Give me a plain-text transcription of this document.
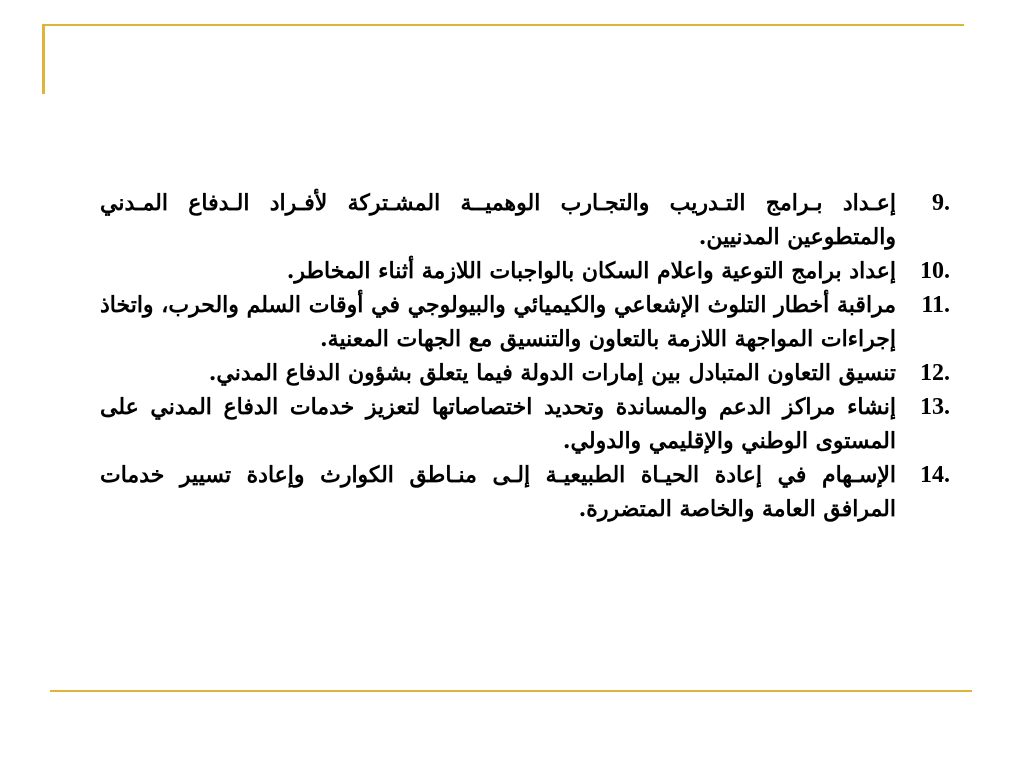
9.
إعـداد بـرامج التـدريب والتجـارب الوهميــة المشـتركة لأفـراد الـدفاع المـدني والمتطوعين المدنيين.
10.
إعداد برامج التوعية واعلام السكان بالواجبات اللازمة أثناء المخاطر.
11.
مراقبة أخطار التلوث الإشعاعي والكيميائي والبيولوجي في أوقات السلم والحرب، واتخاذ إجراءات المواجهة اللازمة بالتعاون والتنسيق مع الجهات المعنية.
12.
تنسيق التعاون المتبادل بين إمارات الدولة فيما يتعلق بشؤون الدفاع المدني.
13.
إنشاء مراكز الدعم والمساندة وتحديد اختصاصاتها لتعزيز خدمات الدفاع المدني على المستوى الوطني والإقليمي والدولي.
14.
الإسـهام في إعادة الحيـاة الطبيعيـة إلـى منـاطق الكوارث وإعادة تسيير خدمات المرافق العامة والخاصة المتضررة.
